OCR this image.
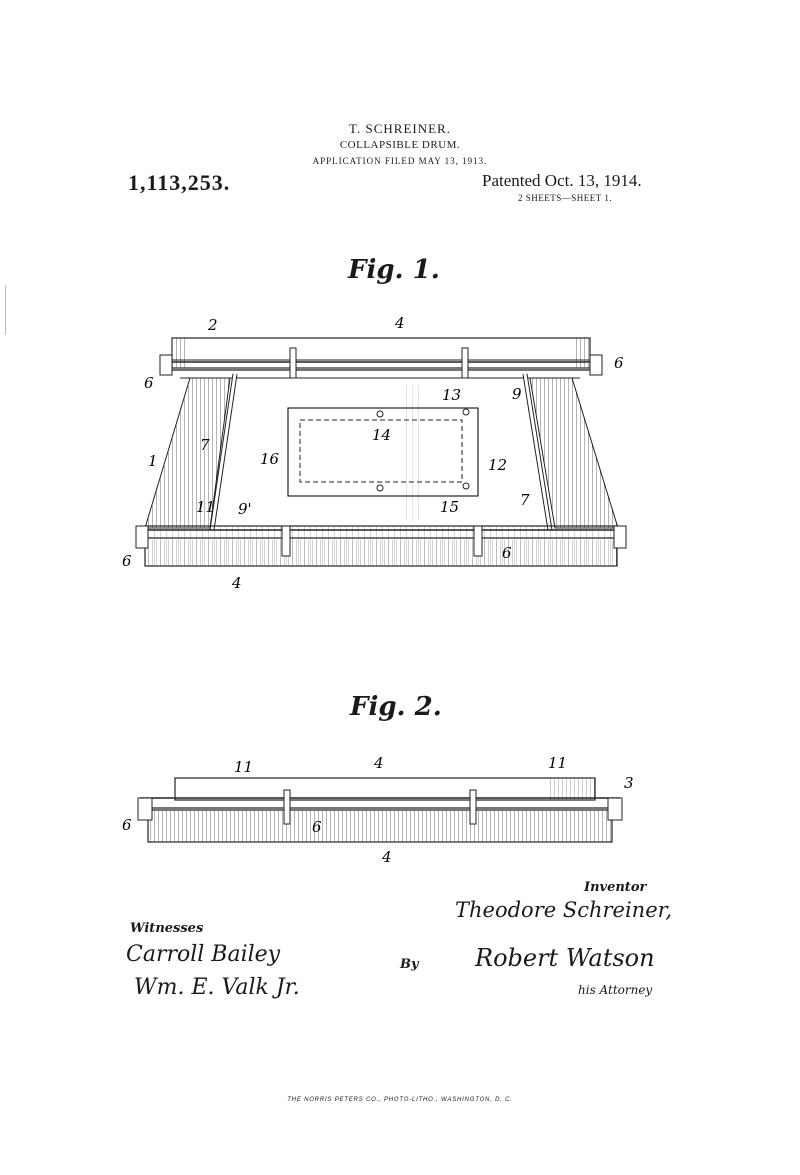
T. SCHREINER.
COLLAPSIBLE DRUM.
APPLICATION FILED MAY 13, 1913.
1,113,253.	Patented Oct. 13, 1914.
2 SHEETS—SHEET 1.
Fig. 1.
2	4
6
6
9
7
1
13
14
16	12
7
11 9'	15
6	6
4
Fig. 2.
11	4	11
3
6	6
4
Inventor
Theodore Schreiner,
Witnesses
Carroll Bailey
Wm. E. Valk Jr.
By Robert Watson
his Attorney
THE NORRIS PETERS CO., PHOTO-LITHO., WASHINGTON, D. C.
